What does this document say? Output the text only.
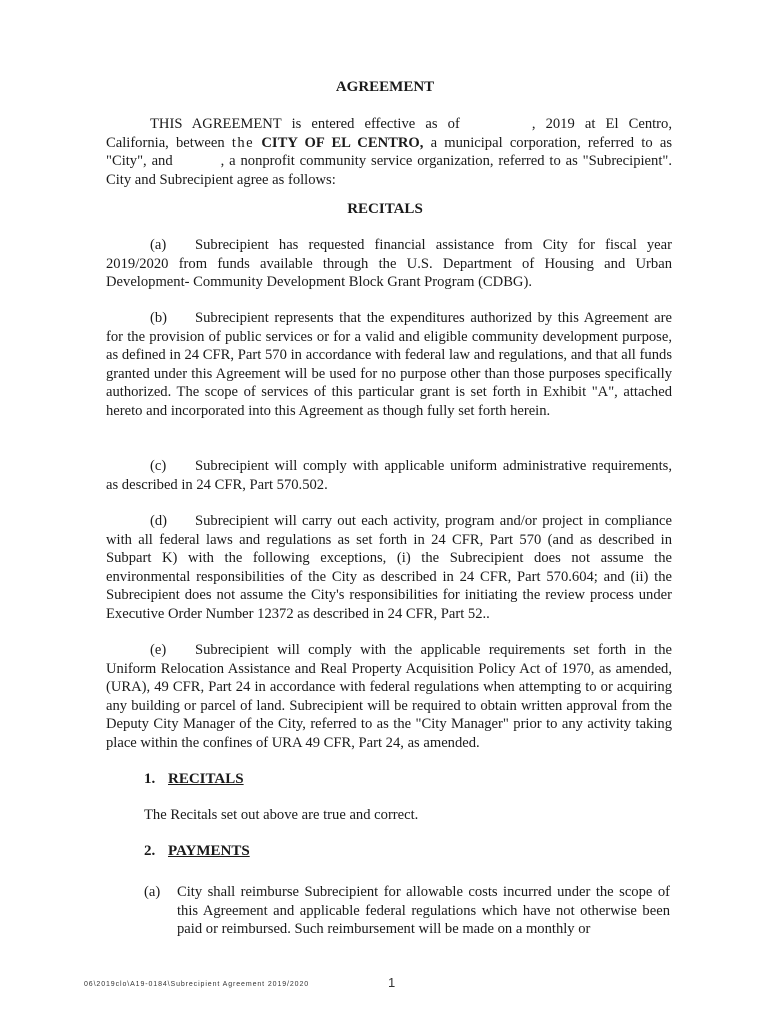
AGREEMENT
THIS AGREEMENT is entered effective as of	, 2019 at El Centro, California, between the CITY OF EL CENTRO, a municipal corporation, referred to as "City", and	, a nonprofit community service organization, referred to as "Subrecipient". City and Subrecipient agree as follows:
RECITALS
(a) Subrecipient has requested financial assistance from City for fiscal year 2019/2020 from funds available through the U.S. Department of Housing and Urban Development- Community Development Block Grant Program (CDBG).
(b) Subrecipient represents that the expenditures authorized by this Agreement are for the provision of public services or for a valid and eligible community development purpose, as defined in 24 CFR, Part 570 in accordance with federal law and regulations, and that all funds granted under this Agreement will be used for no purpose other than those purposes specifically authorized. The scope of services of this particular grant is set forth in Exhibit "A", attached hereto and incorporated into this Agreement as though fully set forth herein.
(c) Subrecipient will comply with applicable uniform administrative requirements, as described in 24 CFR, Part 570.502.
(d) Subrecipient will carry out each activity, program and/or project in compliance with all federal laws and regulations as set forth in 24 CFR, Part 570 (and as described in Subpart K) with the following exceptions, (i) the Subrecipient does not assume the environmental responsibilities of the City as described in 24 CFR, Part 570.604; and (ii) the Subrecipient does not assume the City's responsibilities for initiating the review process under Executive Order Number 12372 as described in 24 CFR, Part 52..
(e) Subrecipient will comply with the applicable requirements set forth in the Uniform Relocation Assistance and Real Property Acquisition Policy Act of 1970, as amended, (URA), 49 CFR, Part 24 in accordance with federal regulations when attempting to or acquiring any building or parcel of land. Subrecipient will be required to obtain written approval from the Deputy City Manager of the City, referred to as the "City Manager" prior to any activity taking place within the confines of URA 49 CFR, Part 24, as amended.
1. RECITALS
The Recitals set out above are true and correct.
2. PAYMENTS
(a) City shall reimburse Subrecipient for allowable costs incurred under the scope of this Agreement and applicable federal regulations which have not otherwise been paid or reimbursed. Such reimbursement will be made on a monthly or
06\2019clo\A19-0184\Subrecipient Agreement 2019/2020	1
